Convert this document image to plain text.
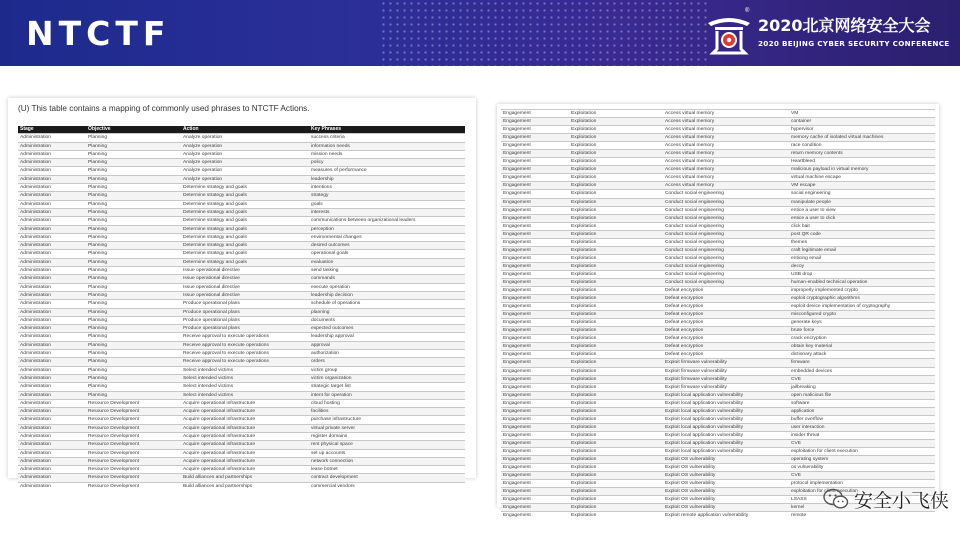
NTCTF	2020北京网络安全大会
®
2020 BEIJING CYBER SECURITY CONFERENCE
(U) This table contains a mapping of commonly used phrases to NTCTF Actions.
Stage	Objective	Action	Key Phrases
Administration	Planning	Analyze operation	success criteria
Administration	Planning	Analyze operation	information needs
Administration	Planning	Analyze operation	mission needs
Administration	Planning	Analyze operation	policy
Administration	Planning	Analyze operation	measures of performance
Administration	Planning	Analyze operation	leadership
Administration	Planning	Determine strategy and goals	intentions
Administration	Planning	Determine strategy and goals	strategy
Administration	Planning	Determine strategy and goals	goals
Administration	Planning	Determine strategy and goals	interests
Administration	Planning	Determine strategy and goals	communications between organizational leaders
Administration	Planning	Determine strategy and goals	perception
Administration	Planning	Determine strategy and goals	environmental changes
Administration	Planning	Determine strategy and goals	desired outcomes
Administration	Planning	Determine strategy and goals	operational goals
Administration	Planning	Determine strategy and goals	evaluation
Administration	Planning	Issue operational directive	send tasking
Administration	Planning	Issue operational directive	commands
Administration	Planning	Issue operational directive	execute operation
Administration	Planning	Issue operational directive	leadership decision
Administration	Planning	Produce operational plans	schedule of operations
Administration	Planning	Produce operational plans	planning
Administration	Planning	Produce operational plans	documents
Administration	Planning	Produce operational plans	expected outcomes
Administration	Planning	Receive approval to execute operations	leadership approval
Administration	Planning	Receive approval to execute operations	approval
Administration	Planning	Receive approval to execute operations	authorization
Administration	Planning	Receive approval to execute operations	orders
Administration	Planning	Select intended victims	victim group
Administration	Planning	Select intended victims	victim organization
Administration	Planning	Select intended victims	strategic target list
Administration	Planning	Select intended victims	intent for operation
Administration	Resource Development	Acquire operational infrastructure	cloud hosting
Administration	Resource Development	Acquire operational infrastructure	facilities
Administration	Resource Development	Acquire operational infrastructure	purchase infrastructure
Administration	Resource Development	Acquire operational infrastructure	virtual private server
Administration	Resource Development	Acquire operational infrastructure	register domains
Administration	Resource Development	Acquire operational infrastructure	rent physical space
Administration	Resource Development	Acquire operational infrastructure	set up accounts
Administration	Resource Development	Acquire operational infrastructure	network connection
Administration	Resource Development	Acquire operational infrastructure	lease botnet
Administration	Resource Development	Build alliances and partnerships	contract development
Administration	Resource Development	Build alliances and partnerships	commercial vendors
Engagement	Exploitation	Access virtual memory	VM
Engagement	Exploitation	Access virtual memory	container
Engagement	Exploitation	Access virtual memory	hypervisor
Engagement	Exploitation	Access virtual memory	memory cache of isolated virtual machines
Engagement	Exploitation	Access virtual memory	race condition
Engagement	Exploitation	Access virtual memory	return memory contents
Engagement	Exploitation	Access virtual memory	Heartbleed
Engagement	Exploitation	Access virtual memory	malicious payload in virtual memory
Engagement	Exploitation	Access virtual memory	virtual machine escape
Engagement	Exploitation	Access virtual memory	VM escape
Engagement	Exploitation	Conduct social engineering	social engineering
Engagement	Exploitation	Conduct social engineering	manipulate people
Engagement	Exploitation	Conduct social engineering	entice a user to view
Engagement	Exploitation	Conduct social engineering	entice a user to click
Engagement	Exploitation	Conduct social engineering	click bait
Engagement	Exploitation	Conduct social engineering	post QR code
Engagement	Exploitation	Conduct social engineering	themes
Engagement	Exploitation	Conduct social engineering	craft legitimate email
Engagement	Exploitation	Conduct social engineering	enticing email
Engagement	Exploitation	Conduct social engineering	decoy
Engagement	Exploitation	Conduct social engineering	USB drop
Engagement	Exploitation	Conduct social engineering	human-enabled technical operation
Engagement	Exploitation	Defeat encryption	improperly implemented crypto
Engagement	Exploitation	Defeat encryption	exploit cryptographic algorithms
Engagement	Exploitation	Defeat encryption	exploit device implementation of cryptography
Engagement	Exploitation	Defeat encryption	misconfigured crypto
Engagement	Exploitation	Defeat encryption	generate keys
Engagement	Exploitation	Defeat encryption	brute force
Engagement	Exploitation	Defeat encryption	crack encryption
Engagement	Exploitation	Defeat encryption	obtain key material
Engagement	Exploitation	Defeat encryption	dictionary attack
Engagement	Exploitation	Exploit firmware vulnerability	firmware
Engagement	Exploitation	Exploit firmware vulnerability	embedded devices
Engagement	Exploitation	Exploit firmware vulnerability	CVE
Engagement	Exploitation	Exploit firmware vulnerability	jailbreaking
Engagement	Exploitation	Exploit local application vulnerability	open malicious file
Engagement	Exploitation	Exploit local application vulnerability	software
Engagement	Exploitation	Exploit local application vulnerability	application
Engagement	Exploitation	Exploit local application vulnerability	buffer overflow
Engagement	Exploitation	Exploit local application vulnerability	user interaction
Engagement	Exploitation	Exploit local application vulnerability	insider threat
Engagement	Exploitation	Exploit local application vulnerability	CVE
Engagement	Exploitation	Exploit local application vulnerability	exploitation for client execution
Engagement	Exploitation	Exploit OS vulnerability	operating system
Engagement	Exploitation	Exploit OS vulnerability	os vulnerability
Engagement	Exploitation	Exploit OS vulnerability	CVE
Engagement	Exploitation	Exploit OS vulnerability	protocol implementation
Engagement	Exploitation	Exploit OS vulnerability	exploitation for client execution
Engagement	Exploitation	Exploit OS vulnerability	LSASS
Engagement	Exploitation	Exploit OS vulnerability	kernel
Engagement	Exploitation	Exploit remote application vulnerability	remote
安全小飞侠
